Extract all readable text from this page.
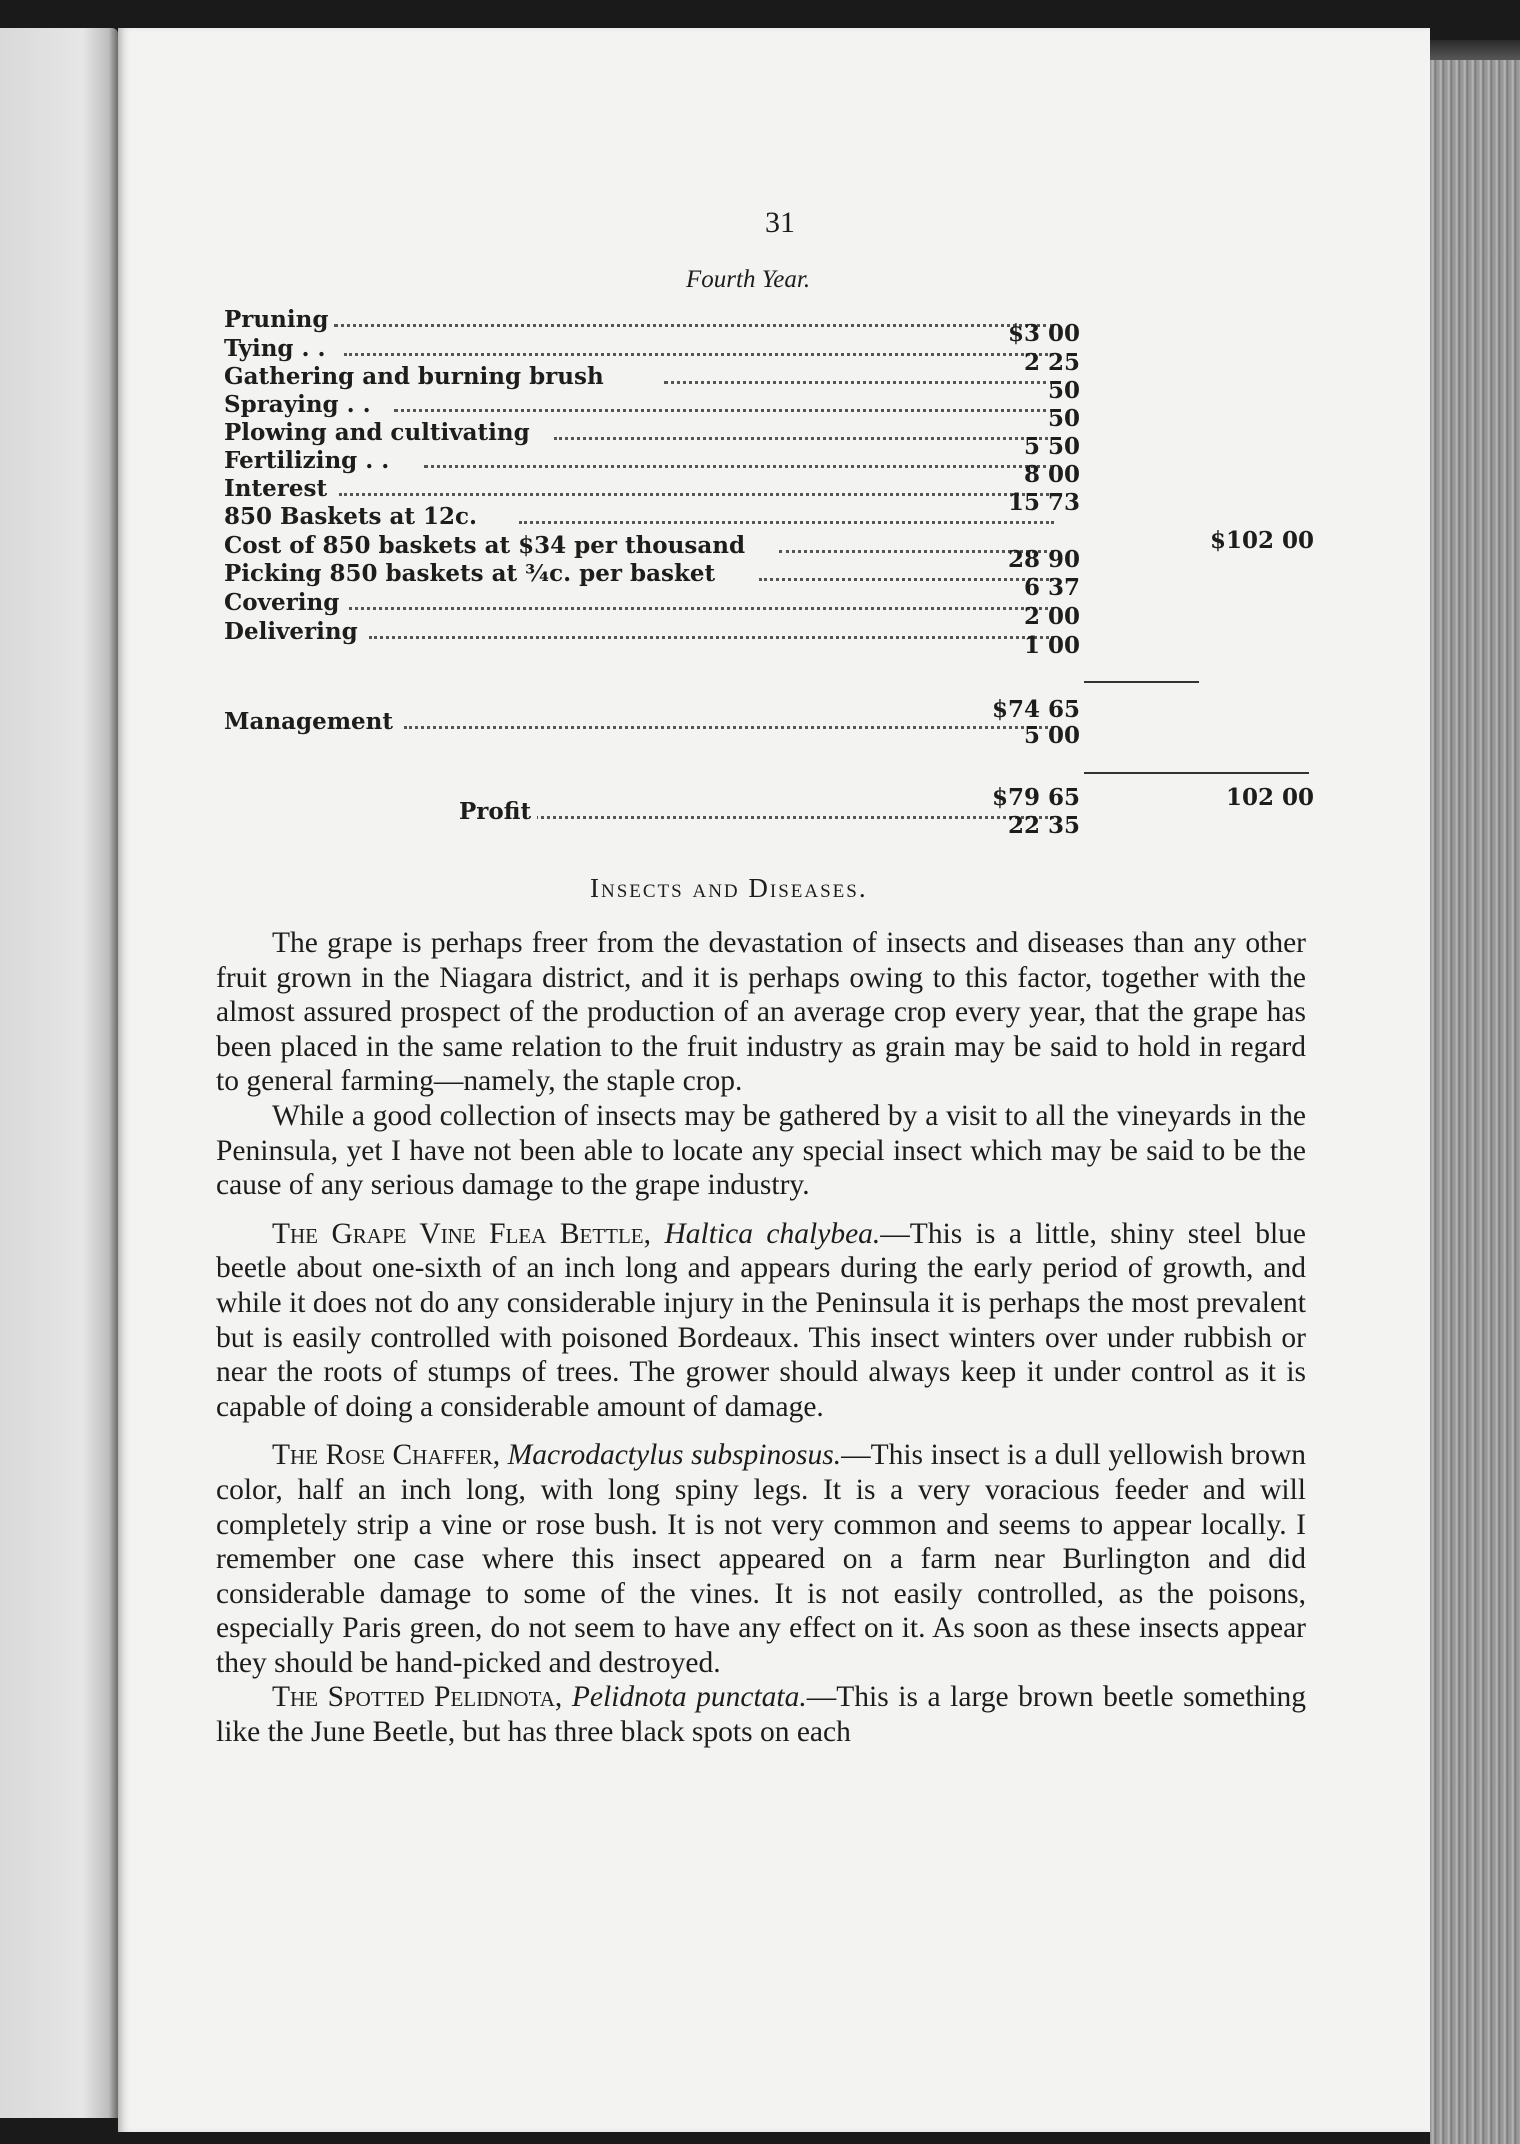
31
Fourth Year.
Pruning
$3 00
Tying . .
2 25
Gathering and burning brush
50
Spraying . .
50
Plowing and cultivating
5 50
Fertilizing . .
8 00
Interest
15 73
850 Baskets at 12c.
$102 00
Cost of 850 baskets at $34 per thousand
28 90
Picking 850 baskets at ¾c. per basket
6 37
Covering
2 00
Delivering
1 00
$74 65
Management
5 00
$79 65	102 00
Profit
22 35
Insects and Diseases.

The grape is perhaps freer from the devastation of insects and diseases than any other fruit grown in the Niagara district, and it is perhaps owing to this factor, together with the almost assured prospect of the production of an average crop every year, that the grape has been placed in the same relation to the fruit industry as grain may be said to hold in regard to general farming—namely, the staple crop.

While a good collection of insects may be gathered by a visit to all the vineyards in the Peninsula, yet I have not been able to locate any special insect which may be said to be the cause of any serious damage to the grape industry.

The Grape Vine Flea Bettle, Haltica chalybea.—This is a little, shiny steel blue beetle about one-sixth of an inch long and appears during the early period of growth, and while it does not do any considerable injury in the Peninsula it is perhaps the most prevalent but is easily controlled with poisoned Bordeaux. This insect winters over under rubbish or near the roots of stumps of trees. The grower should always keep it under control as it is capable of doing a considerable amount of damage.

The Rose Chaffer, Macrodactylus subspinosus.—This insect is a dull yellowish brown color, half an inch long, with long spiny legs. It is a very voracious feeder and will completely strip a vine or rose bush. It is not very common and seems to appear locally. I remember one case where this insect appeared on a farm near Burlington and did considerable damage to some of the vines. It is not easily controlled, as the poisons, especially Paris green, do not seem to have any effect on it. As soon as these insects appear they should be hand-picked and destroyed.

The Spotted Pelidnota, Pelidnota punctata.—This is a large brown beetle something like the June Beetle, but has three black spots on each
